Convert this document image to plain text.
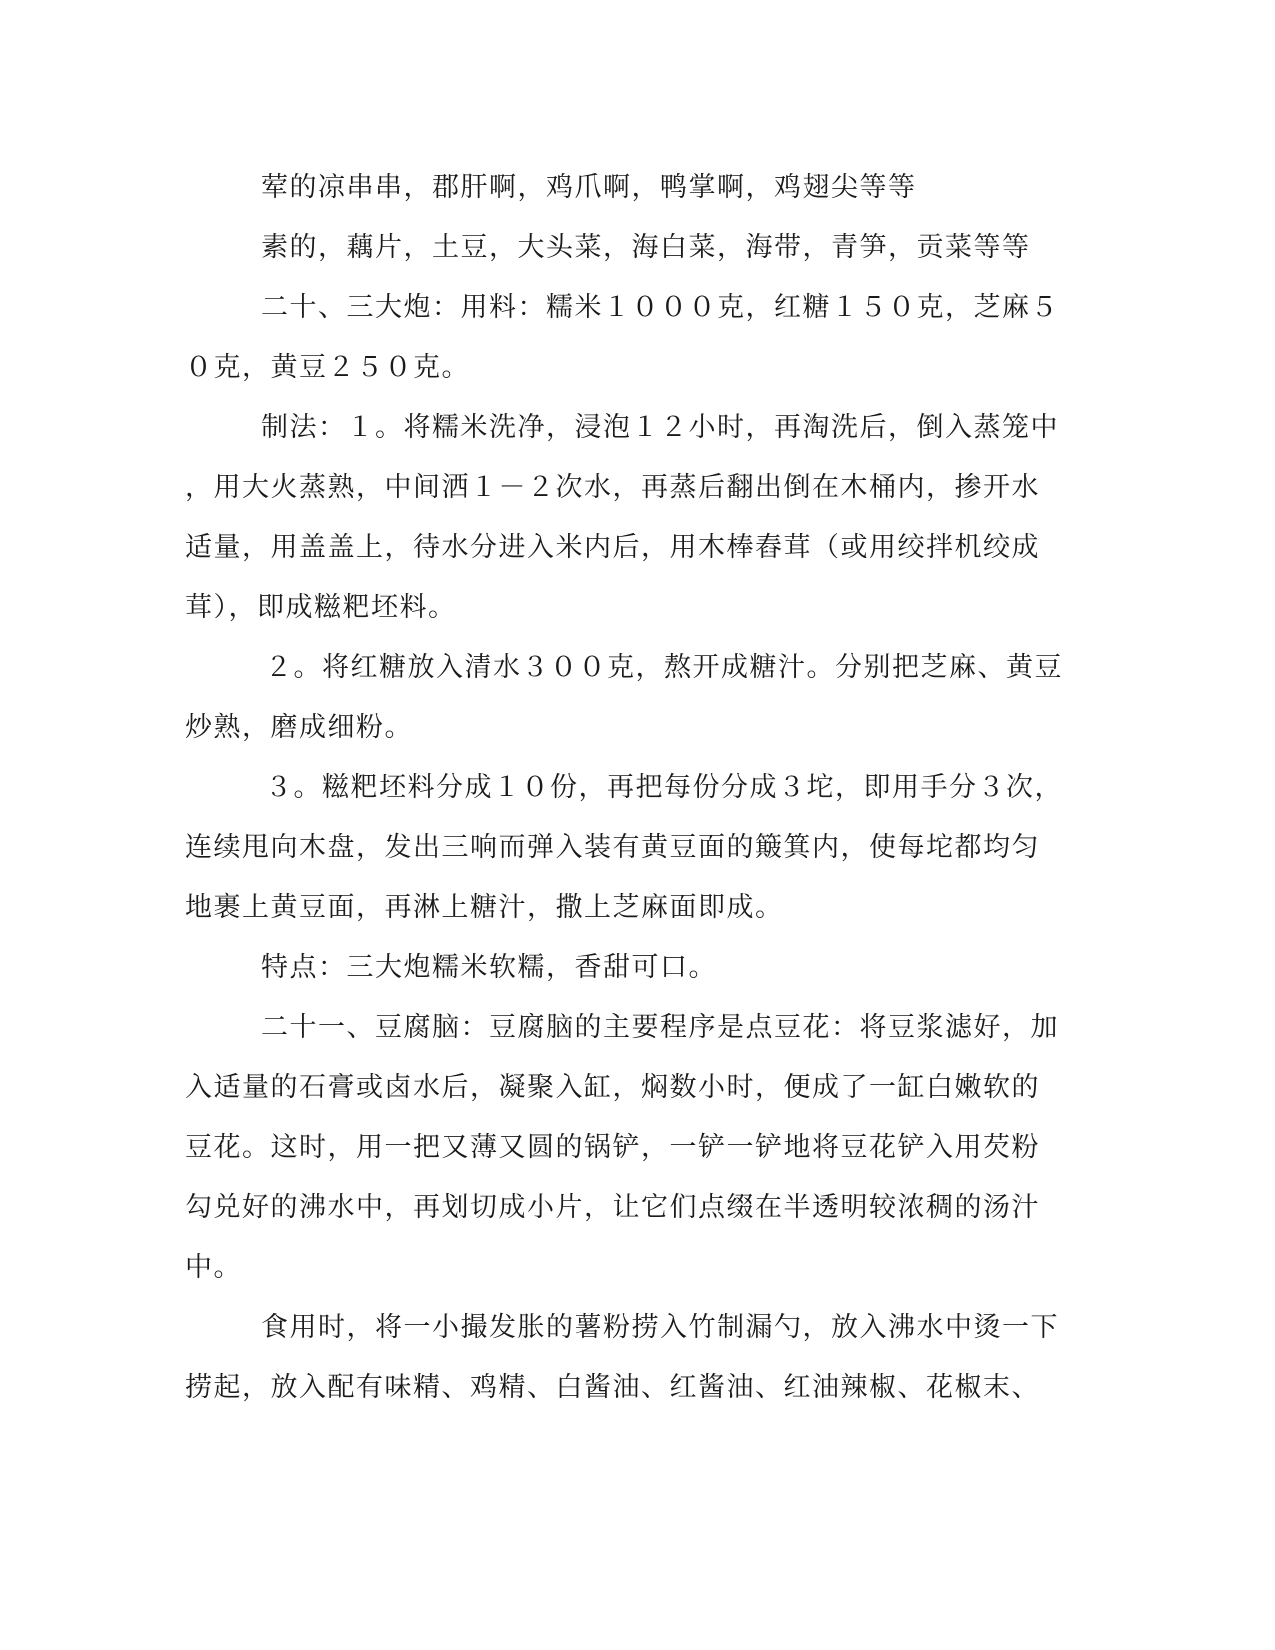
荤的凉串串，郡肝啊，鸡爪啊，鸭掌啊，鸡翅尖等等
素的，藕片，土豆，大头菜，海白菜，海带，青笋，贡菜等等
二十、三大炮：用料：糯米１０００克，红糖１５０克，芝麻５
０克，黄豆２５０克。
制法：１。将糯米洗净，浸泡１２小时，再淘洗后，倒入蒸笼中
，用大火蒸熟，中间洒１－２次水，再蒸后翻出倒在木桶内，掺开水
适量，用盖盖上，待水分进入米内后，用木棒舂茸（或用绞拌机绞成
茸），即成糍粑坯料。
２。将红糖放入清水３００克，熬开成糖汁。分别把芝麻、黄豆
炒熟，磨成细粉。
３。糍粑坯料分成１０份，再把每份分成３坨，即用手分３次，
连续甩向木盘，发出三响而弹入装有黄豆面的簸箕内，使每坨都均匀
地裹上黄豆面，再淋上糖汁，撒上芝麻面即成。
特点：三大炮糯米软糯，香甜可口。
二十一、豆腐脑：豆腐脑的主要程序是点豆花：将豆浆滤好，加
入适量的石膏或卤水后，凝聚入缸，焖数小时，便成了一缸白嫩软的
豆花。这时，用一把又薄又圆的锅铲，一铲一铲地将豆花铲入用芡粉
勾兑好的沸水中，再划切成小片，让它们点缀在半透明较浓稠的汤汁
中。
食用时，将一小撮发胀的薯粉捞入竹制漏勺，放入沸水中烫一下
捞起，放入配有味精、鸡精、白酱油、红酱油、红油辣椒、花椒末、
